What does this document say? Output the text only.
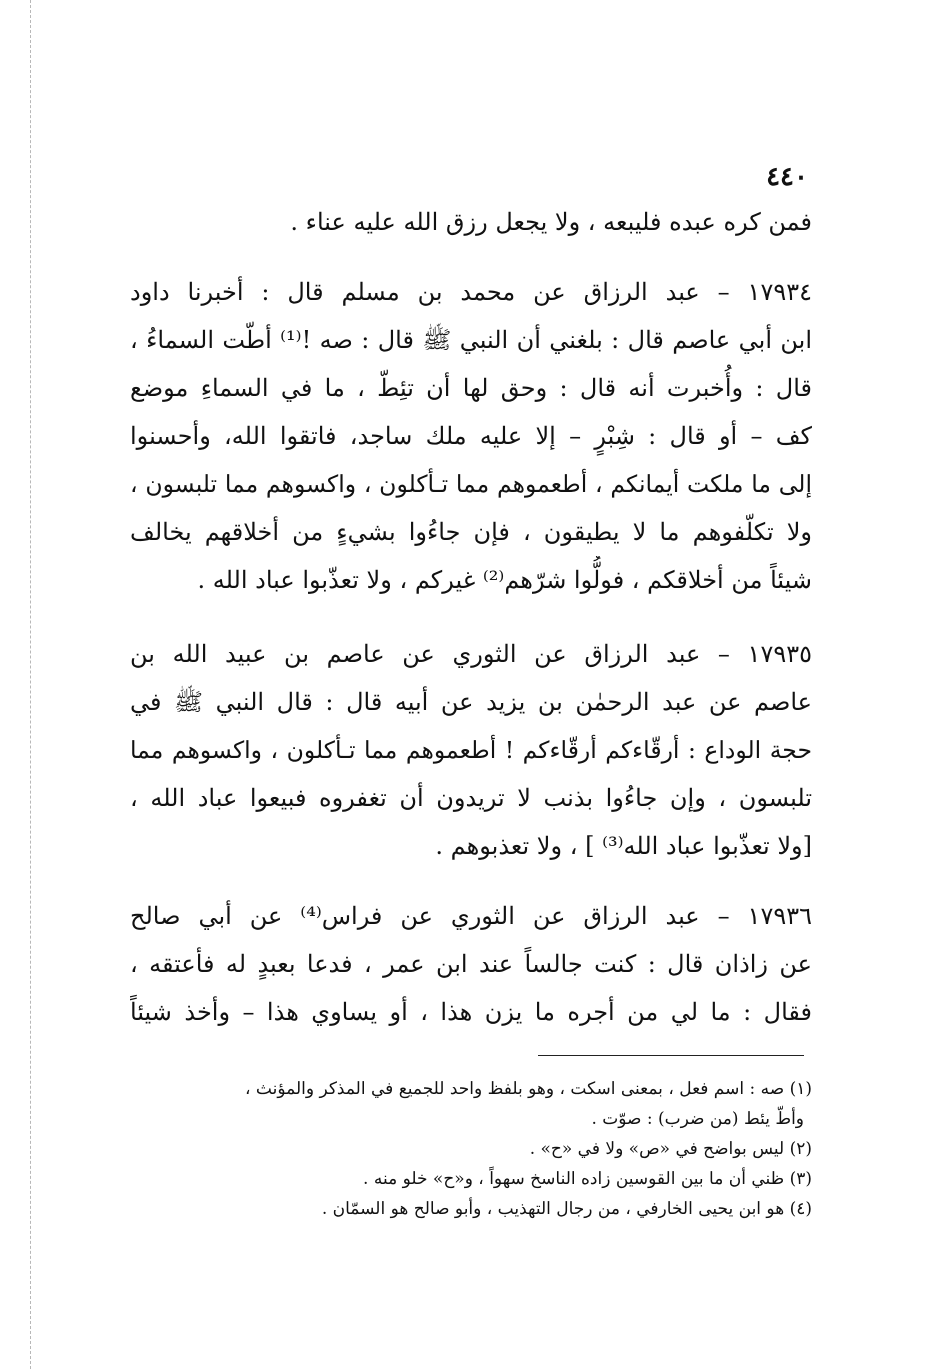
٤٤٠
فمن كره عبده فليبعه ، ولا يجعل رزق الله عليه عناء .
١٧٩٣٤ – عبد الرزاق عن محمد بن مسلم قال : أخبرنا داود
ابن أبي عاصم قال : بلغني أن النبي ﷺ قال : صه !⁽¹⁾ أطّت السماءُ ،
قال : وأُخبرت أنه قال : وحق لها أن تئِطّ ، ما في السماءِ موضع
كف – أو قال : شِبْرٍ – إلا عليه ملك ساجد، فاتقوا الله، وأحسنوا
إلى ما ملكت أيمانكم ، أطعموهم مما تـأكلون ، واكسوهم مما تلبسون ،
ولا تكلّفوهم ما لا يطيقون ، فإن جاءُوا بشيءٍ من أخلاقهم يخالف
شيئاً من أخلاقكم ، فولُّوا شرّهم⁽²⁾ غيركم ، ولا تعذّبوا عباد الله .
١٧٩٣٥ – عبد الرزاق عن الثوري عن عاصم بن عبيد الله بن
عاصم عن عبد الرحمٰن بن يزيد عن أبيه قال : قال النبي ﷺ في
حجة الوداع : أرقّاءكم أرقّاءكم ! أطعموهم مما تـأكلون ، واكسوهم مما
تلبسون ، وإن جاءُوا بذنب لا تريدون أن تغفروه فبيعوا عباد الله ،
[ولا تعذّبوا عباد الله⁽³⁾ ] ، ولا تعذبوهم .
١٧٩٣٦ – عبد الرزاق عن الثوري عن فراس⁽⁴⁾ عن أبي صالح
عن زاذان قال : كنت جالساً عند ابن عمر ، فدعا بعبدٍ له فأعتقه ،
فقال : ما لي من أجره ما يزن هذا ، أو يساوي هذا – وأخذ شيئاً
(١) صه : اسم فعل ، بمعنى اسكت ، وهو بلفظ واحد للجميع في المذكر والمؤنث ،
وأطّ يئط (من ضرب) : صوّت .
(٢) ليس بواضح في «ص» ولا في «ح» .
(٣) ظني أن ما بين القوسين زاده الناسخ سهواً ، و«ح» خلو منه .
(٤) هو ابن يحيى الخارفي ، من رجال التهذيب ، وأبو صالح هو السمّان .
